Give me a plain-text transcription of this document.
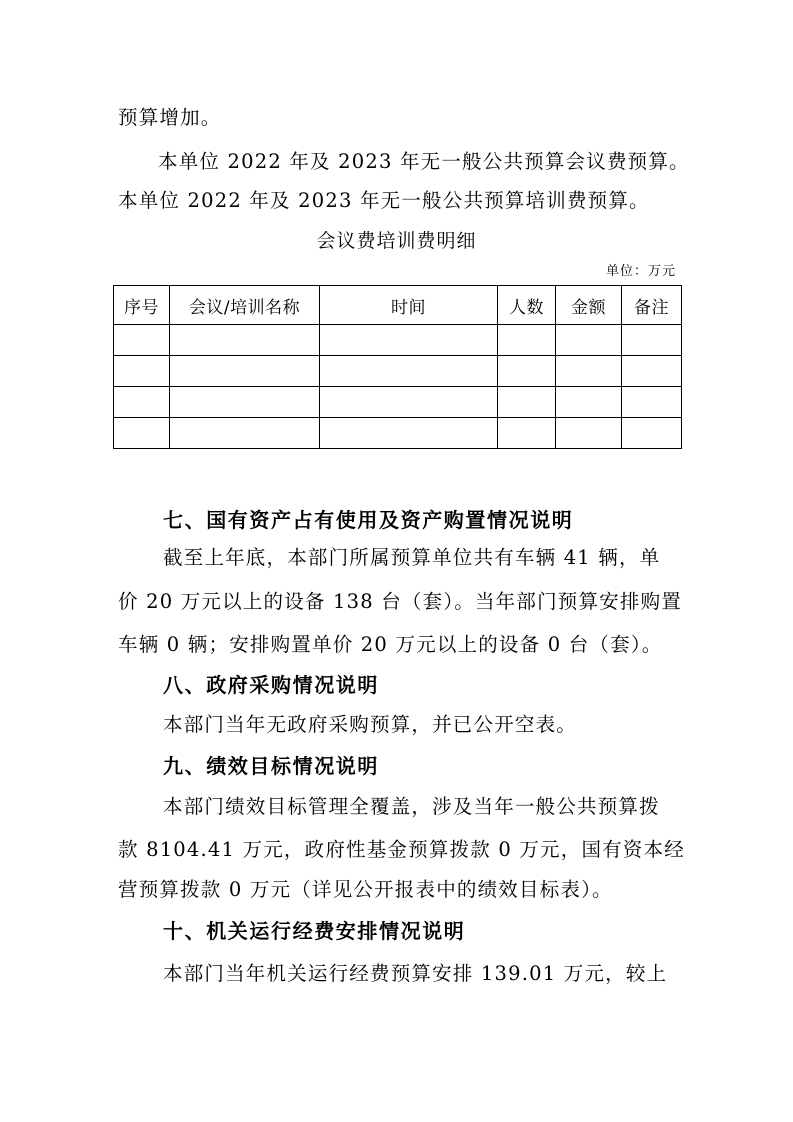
预算增加。
本单位 2022 年及 2023 年无一般公共预算会议费预算。
本单位 2022 年及 2023 年无一般公共预算培训费预算。
会议费培训费明细
单位：万元
序号	会议/培训名称	时间	人数	金额	备注

七、国有资产占有使用及资产购置情况说明
截至上年底，本部门所属预算单位共有车辆 41 辆，单
价 20 万元以上的设备 138 台（套）。当年部门预算安排购置
车辆 0 辆；安排购置单价 20 万元以上的设备 0 台（套）。
八、政府采购情况说明
本部门当年无政府采购预算，并已公开空表。
九、绩效目标情况说明
本部门绩效目标管理全覆盖，涉及当年一般公共预算拨
款 8104.41 万元，政府性基金预算拨款 0 万元，国有资本经
营预算拨款 0 万元（详见公开报表中的绩效目标表）。
十、机关运行经费安排情况说明
本部门当年机关运行经费预算安排 139.01 万元，较上
